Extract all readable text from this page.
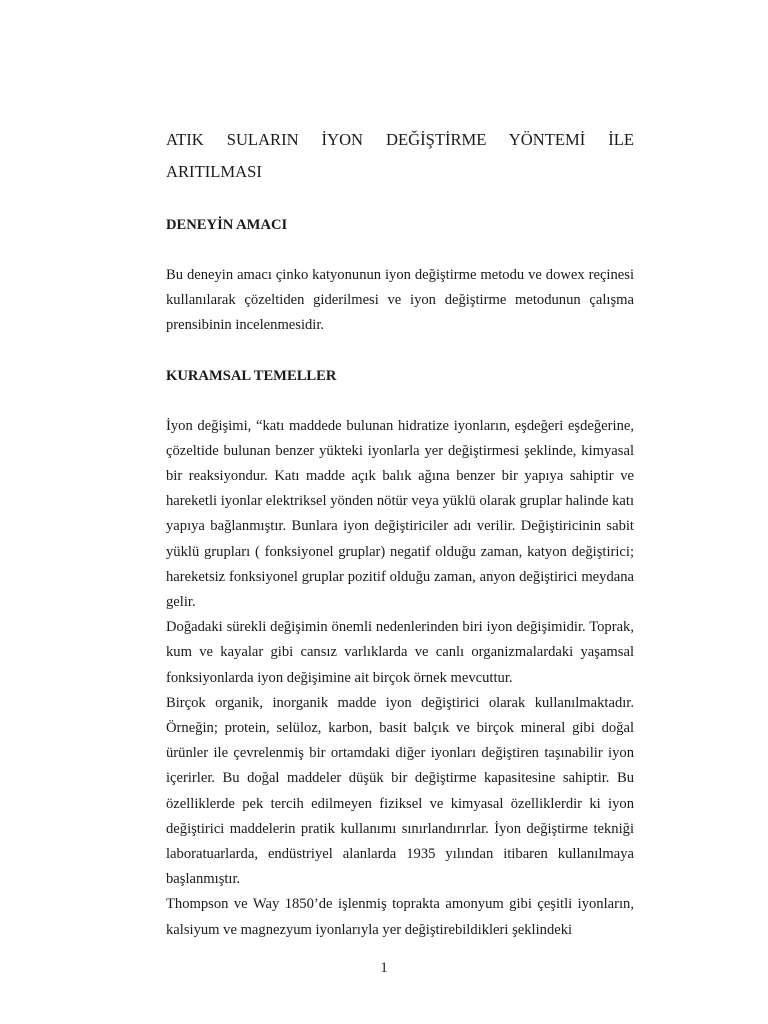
ATIK SULARIN İYON DEĞİŞTİRME YÖNTEMİ İLE
ARITILMASI
DENEYİN AMACI

Bu deneyin amacı çinko katyonunun iyon değiştirme metodu ve dowex reçinesi kullanılarak çözeltiden giderilmesi ve iyon değiştirme metodunun çalışma prensibinin incelenmesidir.

KURAMSAL TEMELLER

İyon değişimi, “katı maddede bulunan hidratize iyonların, eşdeğeri eşdeğerine, çözeltide bulunan benzer yükteki iyonlarla yer değiştirmesi şeklinde, kimyasal bir reaksiyondur. Katı madde açık balık ağına benzer bir yapıya sahiptir ve hareketli iyonlar elektriksel yönden nötür veya yüklü olarak gruplar halinde katı yapıya bağlanmıştır. Bunlara iyon değiştiriciler adı verilir. Değiştiricinin sabit yüklü grupları ( fonksiyonel gruplar) negatif olduğu zaman, katyon değiştirici; hareketsiz fonksiyonel gruplar pozitif olduğu zaman, anyon değiştirici meydana gelir.

Doğadaki sürekli değişimin önemli nedenlerinden biri iyon değişimidir. Toprak, kum ve kayalar gibi cansız varlıklarda ve canlı organizmalardaki yaşamsal fonksiyonlarda iyon değişimine ait birçok örnek mevcuttur.

Birçok organik, inorganik madde iyon değiştirici olarak kullanılmaktadır. Örneğin; protein, selüloz, karbon, basit balçık ve birçok mineral gibi doğal ürünler ile çevrelenmiş bir ortamdaki diğer iyonları değiştiren taşınabilir iyon içerirler. Bu doğal maddeler düşük bir değiştirme kapasitesine sahiptir. Bu özelliklerde pek tercih edilmeyen fiziksel ve kimyasal özelliklerdir ki iyon değiştirici maddelerin pratik kullanımı sınırlandırırlar. İyon değiştirme tekniği laboratuarlarda, endüstriyel alanlarda 1935 yılından itibaren kullanılmaya başlanmıştır.

Thompson ve Way 1850’de işlenmiş toprakta amonyum gibi çeşitli iyonların, kalsiyum ve magnezyum iyonlarıyla yer değiştirebildikleri şeklindeki

1
